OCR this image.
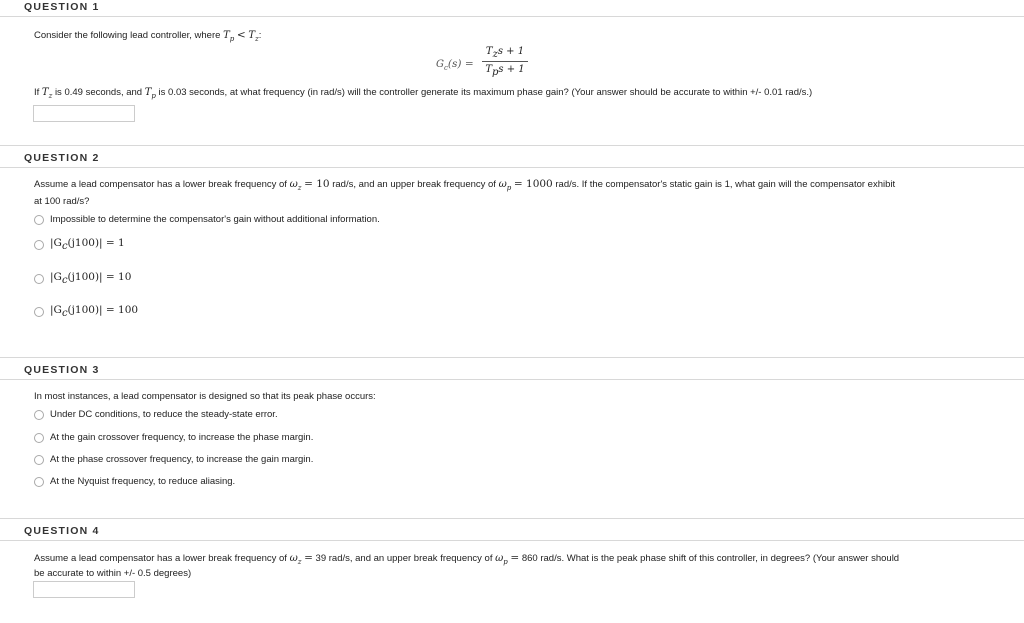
QUESTION 1
Consider the following lead controller, where $T_p < T_z$:
$G_c(s)$ =
$T_zs + 1$
$T_ps + 1$
If $T_z$ is 0.49 seconds, and $T_p$ is 0.03 seconds, at what frequency (in rad/s) will the controller generate its maximum phase gain? (Your answer should be accurate to within +/- 0.01 rad/s.)
QUESTION 2
Assume a lead compensator has a lower break frequency of $\omega_z = 10$ rad/s, and an upper break frequency of $\omega_p = 1000$ rad/s. If the compensator's static gain is 1, what gain will the compensator exhibit
at 100 rad/s?
Impossible to determine the compensator's gain without additional information.
$|G_c(j100)| = 1$
$|G_c(j100)| = 10$
$|G_c(j100)| = 100$
QUESTION 3
In most instances, a lead compensator is designed so that its peak phase occurs:
Under DC conditions, to reduce the steady-state error.
At the gain crossover frequency, to increase the phase margin.
At the phase crossover frequency, to increase the gain margin.
At the Nyquist frequency, to reduce aliasing.
QUESTION 4
Assume a lead compensator has a lower break frequency of $\omega_z = 39$ rad/s, and an upper break frequency of $\omega_p = 860$ rad/s. What is the peak phase shift of this controller, in degrees? (Your answer should
be accurate to within +/- 0.5 degrees)
